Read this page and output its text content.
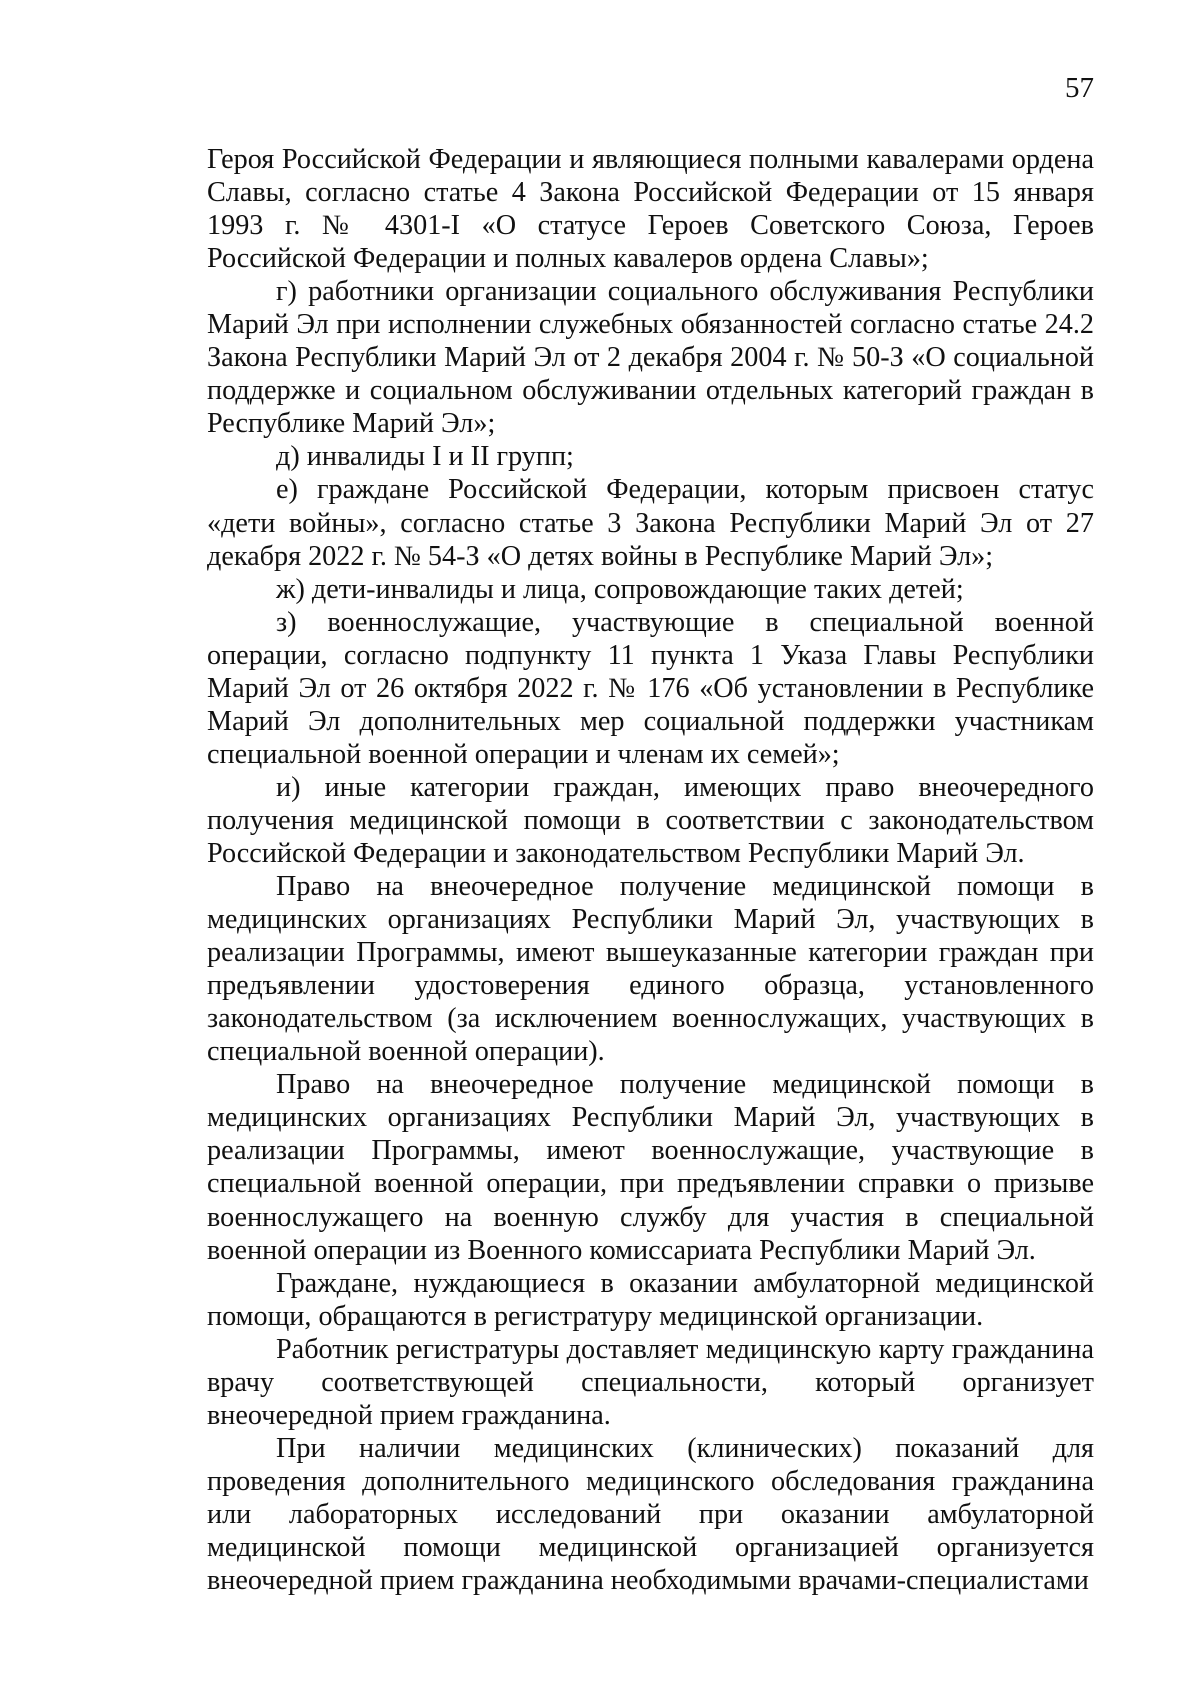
57

Героя Российской Федерации и являющиеся полными кавалерами ордена Славы, согласно статье 4 Закона Российской Федерации от 15 января 1993 г. № 4301-I «О статусе Героев Советского Союза, Героев Российской Федерации и полных кавалеров ордена Славы»;

г) работники организации социального обслуживания Республики Марий Эл при исполнении служебных обязанностей согласно статье 24.2 Закона Республики Марий Эл от 2 декабря 2004 г. № 50-З «О социальной поддержке и социальном обслуживании отдельных категорий граждан в Республике Марий Эл»;

д) инвалиды I и II групп;

е) граждане Российской Федерации, которым присвоен статус «дети войны», согласно статье 3 Закона Республики Марий Эл от 27 декабря 2022 г. № 54-З «О детях войны в Республике Марий Эл»;

ж) дети-инвалиды и лица, сопровождающие таких детей;

з) военнослужащие, участвующие в специальной военной операции, согласно подпункту 11 пункта 1 Указа Главы Республики Марий Эл от 26 октября 2022 г. № 176 «Об установлении в Республике Марий Эл дополнительных мер социальной поддержки участникам специальной военной операции и членам их семей»;

и) иные категории граждан, имеющих право внеочередного получения медицинской помощи в соответствии с законодательством Российской Федерации и законодательством Республики Марий Эл.

Право на внеочередное получение медицинской помощи в медицинских организациях Республики Марий Эл, участвующих в реализации Программы, имеют вышеуказанные категории граждан при предъявлении удостоверения единого образца, установленного законодательством (за исключением военнослужащих, участвующих в специальной военной операции).

Право на внеочередное получение медицинской помощи в медицинских организациях Республики Марий Эл, участвующих в реализации Программы, имеют военнослужащие, участвующие в специальной военной операции, при предъявлении справки о призыве военнослужащего на военную службу для участия в специальной военной операции из Военного комиссариата Республики Марий Эл.

Граждане, нуждающиеся в оказании амбулаторной медицинской помощи, обращаются в регистратуру медицинской организации.

Работник регистратуры доставляет медицинскую карту гражданина врачу соответствующей специальности, который организует внеочередной прием гражданина.

При наличии медицинских (клинических) показаний для проведения дополнительного медицинского обследования гражданина или лабораторных исследований при оказании амбулаторной медицинской помощи медицинской организацией организуется внеочередной прием гражданина необходимыми врачами-специалистами
